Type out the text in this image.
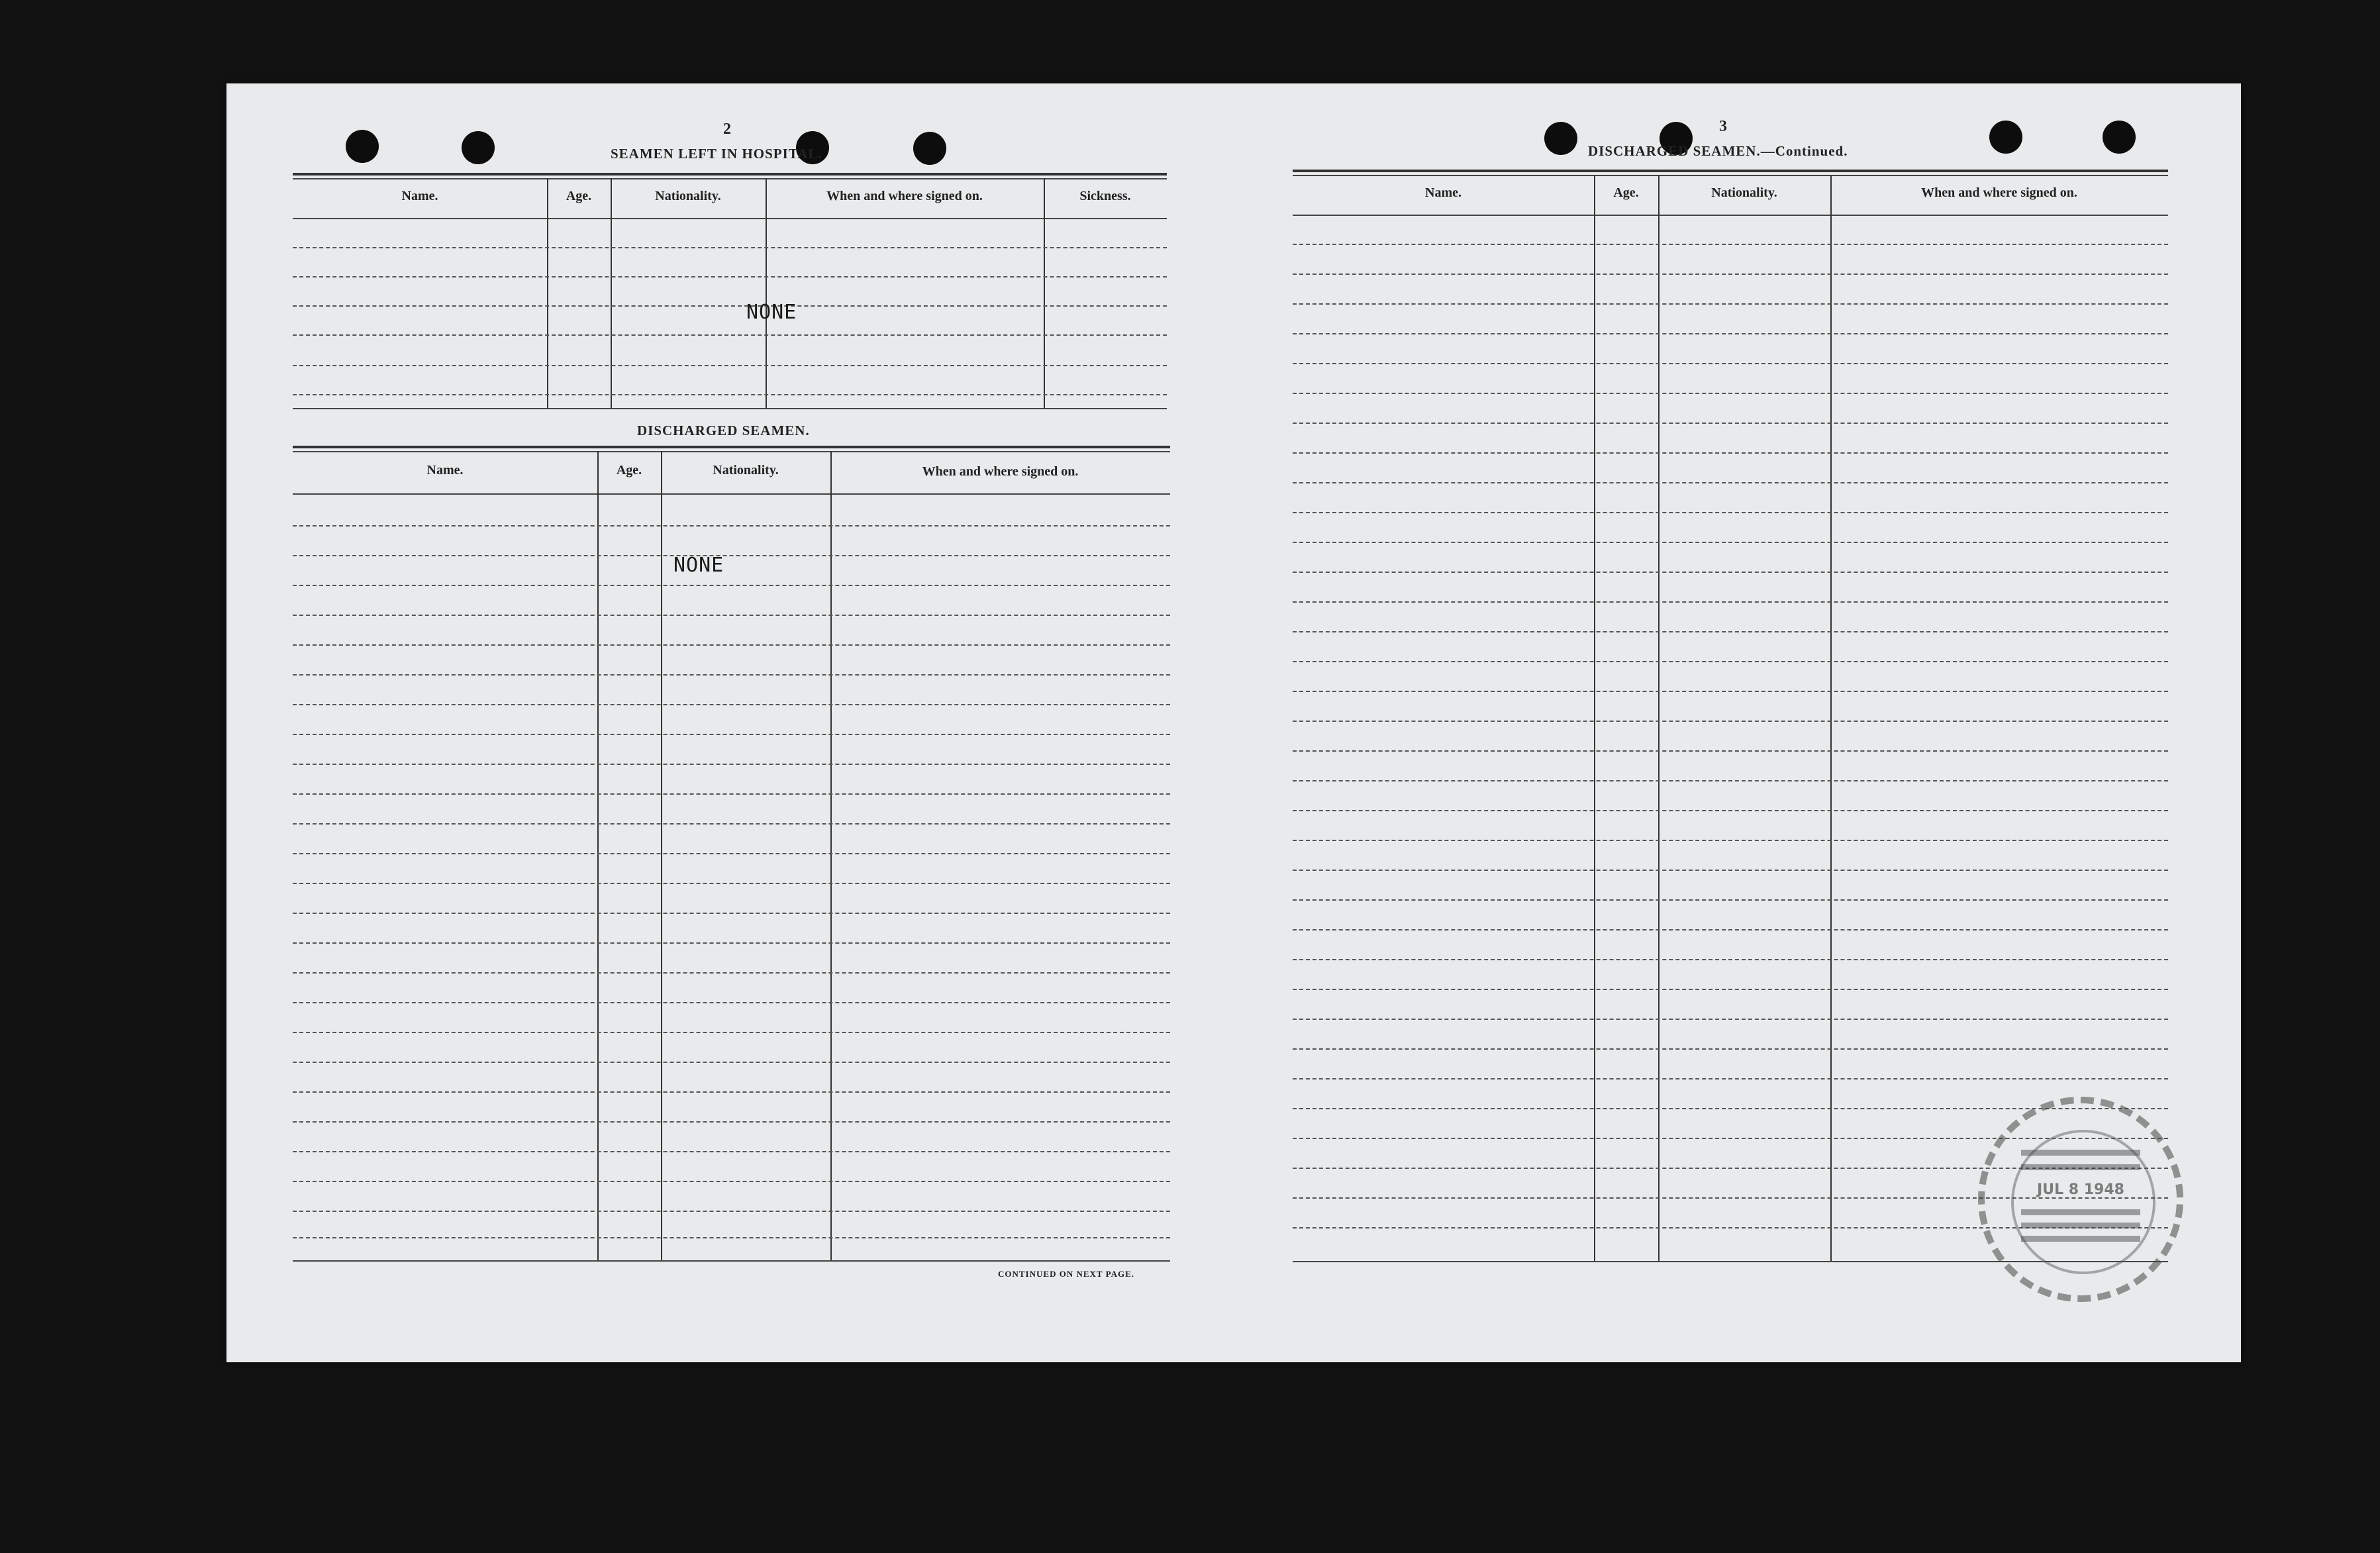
2
SEAMEN LEFT IN HOSPITAL.
Name.	Age.	Nationality.	When and where signed on.	Sickness.
NONE
DISCHARGED SEAMEN.
Name.	Age.	Nationality.	When and where signed on.
NONE
CONTINUED ON NEXT PAGE.
3
DISCHARGED SEAMEN.—Continued.
Name.	Age.	Nationality.	When and where signed on.
JUL 8 1948
